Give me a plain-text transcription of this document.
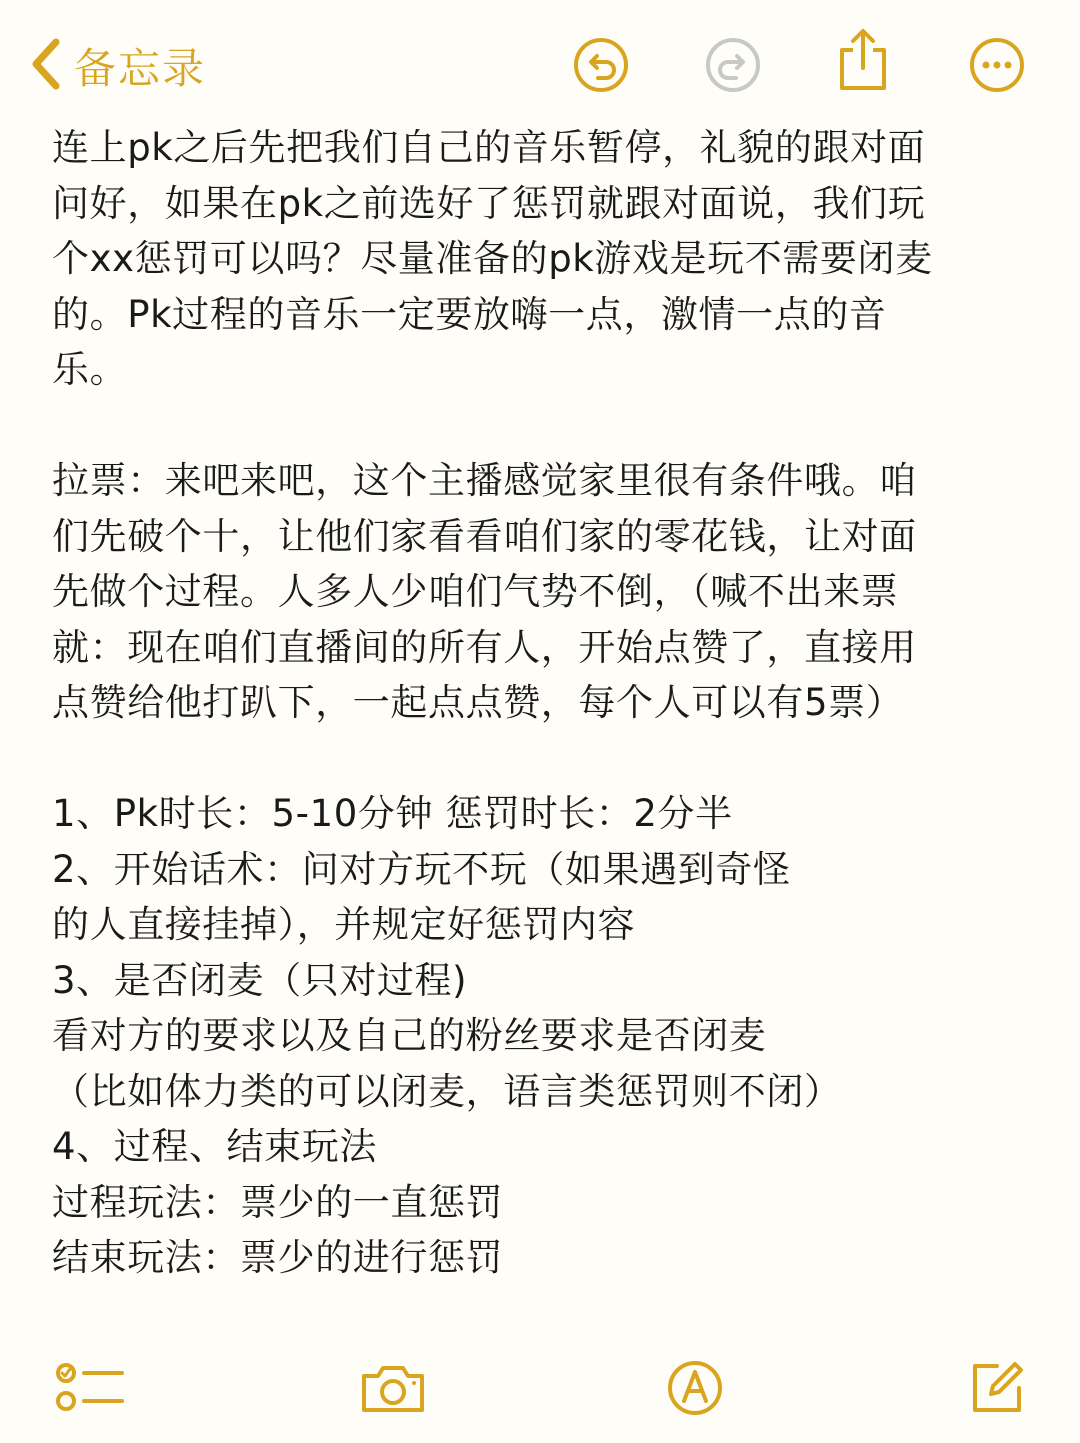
备忘录

连上pk之后先把我们自己的音乐暂停，礼貌的跟对面

问好，如果在pk之前选好了惩罚就跟对面说，我们玩

个xx惩罚可以吗？尽量准备的pk游戏是玩不需要闭麦

的。Pk过程的音乐一定要放嗨一点，激情一点的音

乐。

拉票：来吧来吧，这个主播感觉家里很有条件哦。咱

们先破个十，让他们家看看咱们家的零花钱，让对面

先做个过程。人多人少咱们气势不倒，（喊不出来票

就：现在咱们直播间的所有人，开始点赞了，直接用

点赞给他打趴下，一起点点赞，每个人可以有5票）

1、Pk时长：5-10分钟 惩罚时长：2分半

2、开始话术：问对方玩不玩（如果遇到奇怪

的人直接挂掉），并规定好惩罚内容

3、是否闭麦（只对过程)

看对方的要求以及自己的粉丝要求是否闭麦

（比如体力类的可以闭麦，语言类惩罚则不闭）

4、过程、结束玩法

过程玩法：票少的一直惩罚

结束玩法：票少的进行惩罚
